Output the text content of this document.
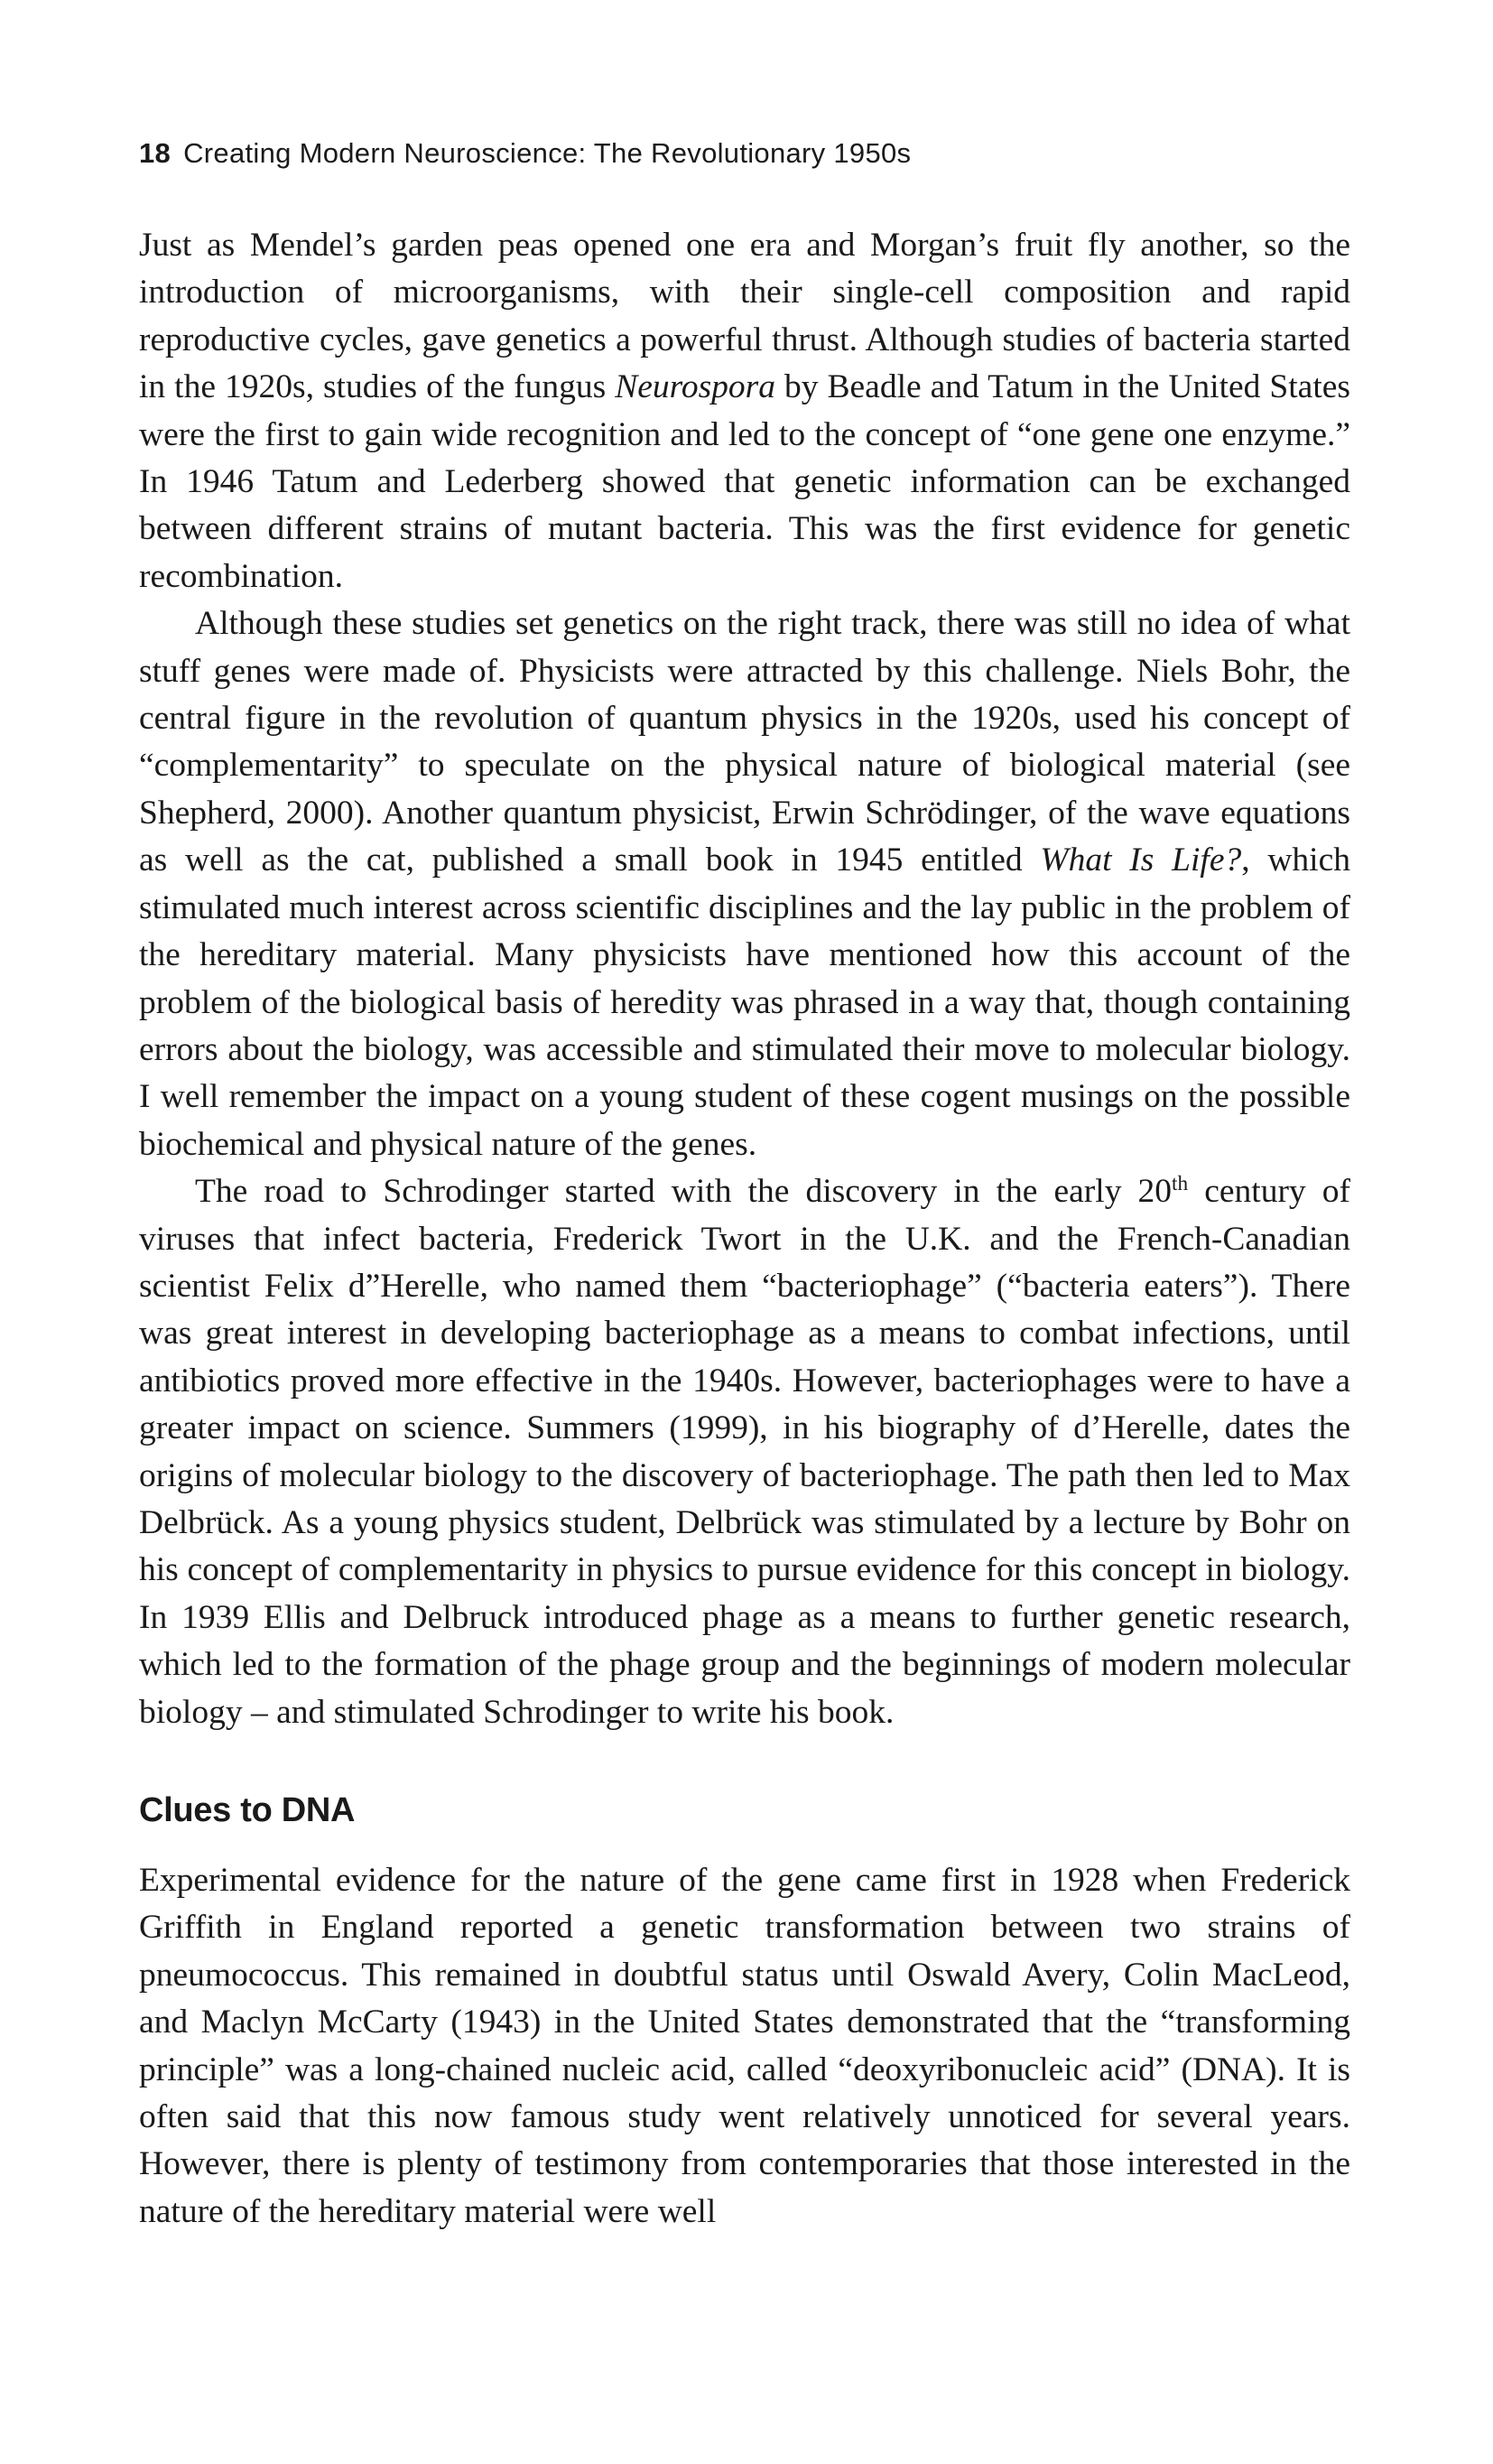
18 Creating Modern Neuroscience: The Revolutionary 1950s

Just as Mendel’s garden peas opened one era and Morgan’s fruit fly another, so the introduction of microorganisms, with their single-cell composition and rapid reproductive cycles, gave genetics a powerful thrust. Although studies of bacteria started in the 1920s, studies of the fungus Neurospora by Beadle and Tatum in the United States were the first to gain wide recognition and led to the concept of “one gene one enzyme.” In 1946 Tatum and Lederberg showed that genetic information can be exchanged between different strains of mutant bacteria. This was the first evidence for genetic recombination.

Although these studies set genetics on the right track, there was still no idea of what stuff genes were made of. Physicists were attracted by this challenge. Niels Bohr, the central figure in the revolution of quantum physics in the 1920s, used his concept of “complementarity” to speculate on the physical nature of biological material (see Shepherd, 2000). Another quantum physicist, Erwin Schrödinger, of the wave equations as well as the cat, published a small book in 1945 entitled What Is Life?, which stimulated much interest across scientific disciplines and the lay public in the problem of the hereditary material. Many physicists have mentioned how this account of the problem of the biological basis of heredity was phrased in a way that, though containing errors about the biology, was accessible and stimulated their move to molecular biology. I well remember the impact on a young student of these cogent musings on the possible biochemical and physical nature of the genes.

The road to Schrodinger started with the discovery in the early 20th century of viruses that infect bacteria, Frederick Twort in the U.K. and the French-Canadian scientist Felix d”Herelle, who named them “bacteriophage” (“bacteria eaters”). There was great interest in developing bacteriophage as a means to combat infections, until antibiotics proved more effective in the 1940s. However, bacteriophages were to have a greater impact on science. Summers (1999), in his biography of d’Herelle, dates the origins of molecular biology to the discovery of bacteriophage. The path then led to Max Delbrück. As a young physics student, Delbrück was stimulated by a lecture by Bohr on his concept of complementarity in physics to pursue evidence for this concept in biology. In 1939 Ellis and Delbruck introduced phage as a means to further genetic research, which led to the formation of the phage group and the beginnings of modern molecular biology – and stimulated Schrodinger to write his book.

Clues to DNA

Experimental evidence for the nature of the gene came first in 1928 when Frederick Griffith in England reported a genetic transformation between two strains of pneumococcus. This remained in doubtful status until Oswald Avery, Colin MacLeod, and Maclyn McCarty (1943) in the United States demonstrated that the “transforming principle” was a long-chained nucleic acid, called “deoxyribonucleic acid” (DNA). It is often said that this now famous study went relatively unnoticed for several years. However, there is plenty of testimony from contemporaries that those interested in the nature of the hereditary material were well
